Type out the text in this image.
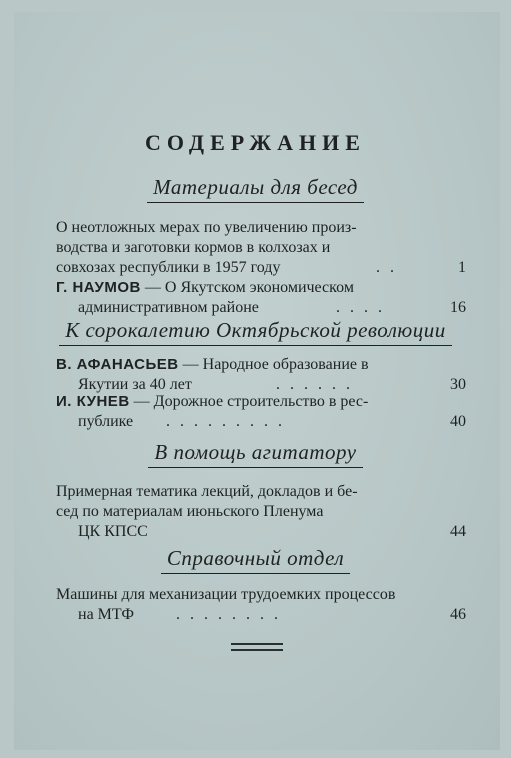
СОДЕРЖАНИЕ
Материалы для бесед
О неотложных мерах по увеличению произ-
водства и заготовки кормов в колхозах и
совхозах республики в 1957 году	..	1
Г. НАУМОВ — О Якутском экономическом
административном районе	....	16
К сорокалетию Октябрьской революции
В. АФАНАСЬЕВ — Народное образование в
Якутии за 40 лет	......	30
И. КУНЕВ — Дорожное строительство в рес-
публике .........	40
В помощь агитатору
Примерная тематика лекций, докладов и бе-
сед по материалам июньского Пленума
ЦК КПСС	44
Справочный отдел
Машины для механизации трудоемких процессов
на МТФ	........	46
